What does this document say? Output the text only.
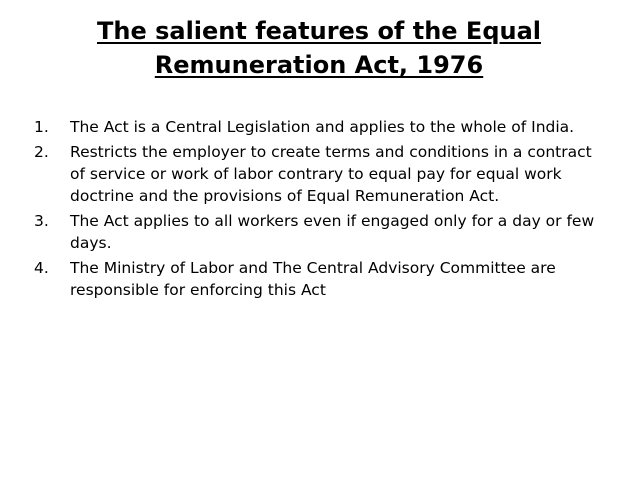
The salient features of the Equal
Remuneration Act, 1976
1.	The Act is a Central Legislation and applies to the whole of India.
2.	Restricts the employer to create terms and conditions in a contract of service or work of labor contrary to equal pay for equal work doctrine and the provisions of Equal Remuneration Act.
3.	The Act applies to all workers even if engaged only for a day or few days.
4.	The Ministry of Labor and The Central Advisory Committee are responsible for enforcing this Act
